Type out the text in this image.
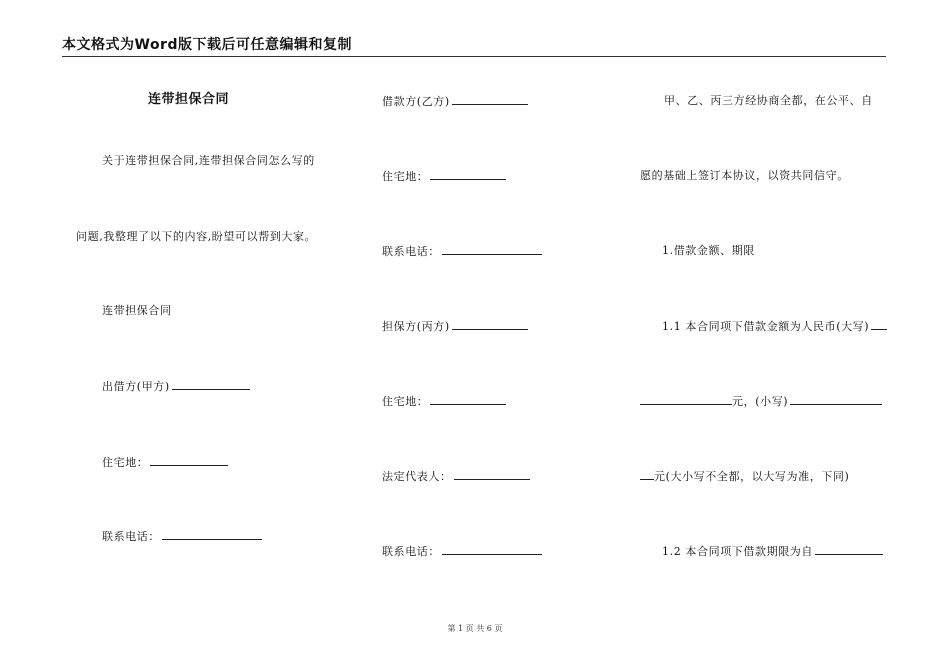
本文格式为Word版下载后可任意编辑和复制
连带担保合同
关于连带担保合同,连带担保合同怎么写的
问题,我整理了以下的内容,盼望可以帮到大家。
连带担保合同
出借方(甲方)
住宅地：
联系电话：
借款方(乙方)
住宅地：
联系电话：
担保方(丙方)
住宅地：
法定代表人：
联系电话：
甲、乙、丙三方经协商全都，在公平、自
愿的基础上签订本协议，以资共同信守。
1.借款金额、期限
1.1 本合同项下借款金额为人民币(大写)
元，(小写)
元(大小写不全都，以大写为准，下同)
1.2 本合同项下借款期限为自
第 1 页 共 6 页
